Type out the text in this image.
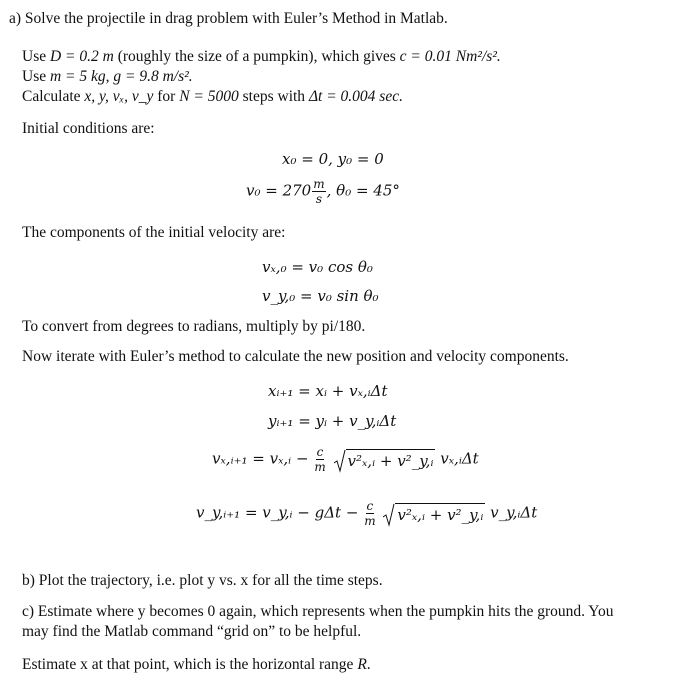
a) Solve the projectile in drag problem with Euler’s Method in Matlab.
Use D = 0.2 m (roughly the size of a pumpkin), which gives c = 0.01 Nm²/s².
Use m = 5 kg, g = 9.8 m/s².
Calculate x, y, vₓ, v_y for N = 5000 steps with Δt = 0.004 sec.
Initial conditions are:
x₀ = 0, y₀ = 0
$v_0 = 270 \frac{m}{s}$ , θ₀ = 45°
The components of the initial velocity are:
vₓ,₀ = v₀ cos θ₀
v_y,₀ = v₀ sin θ₀
To convert from degrees to radians, multiply by pi/180.
Now iterate with Euler’s method to calculate the new position and velocity components.
xᵢ₊₁ = xᵢ + vₓ,ᵢΔt
yᵢ₊₁ = yᵢ + v_y,ᵢΔt
vₓ,ᵢ₊₁ = vₓ,ᵢ − $\frac{c}{m}$
v²ₓ,ᵢ + v²_y,ᵢ vₓ,ᵢΔt
v_y,ᵢ₊₁ = v_y,ᵢ − $g\Delta t - \frac{c}{m}$
v²ₓ,ᵢ + v²_y,ᵢ v_y,ᵢΔt
b) Plot the trajectory, i.e. plot y vs. x for all the time steps.
c) Estimate where y becomes 0 again, which represents when the pumpkin hits the ground. You
may find the Matlab command “grid on” to be helpful.
Estimate x at that point, which is the horizontal range R.
